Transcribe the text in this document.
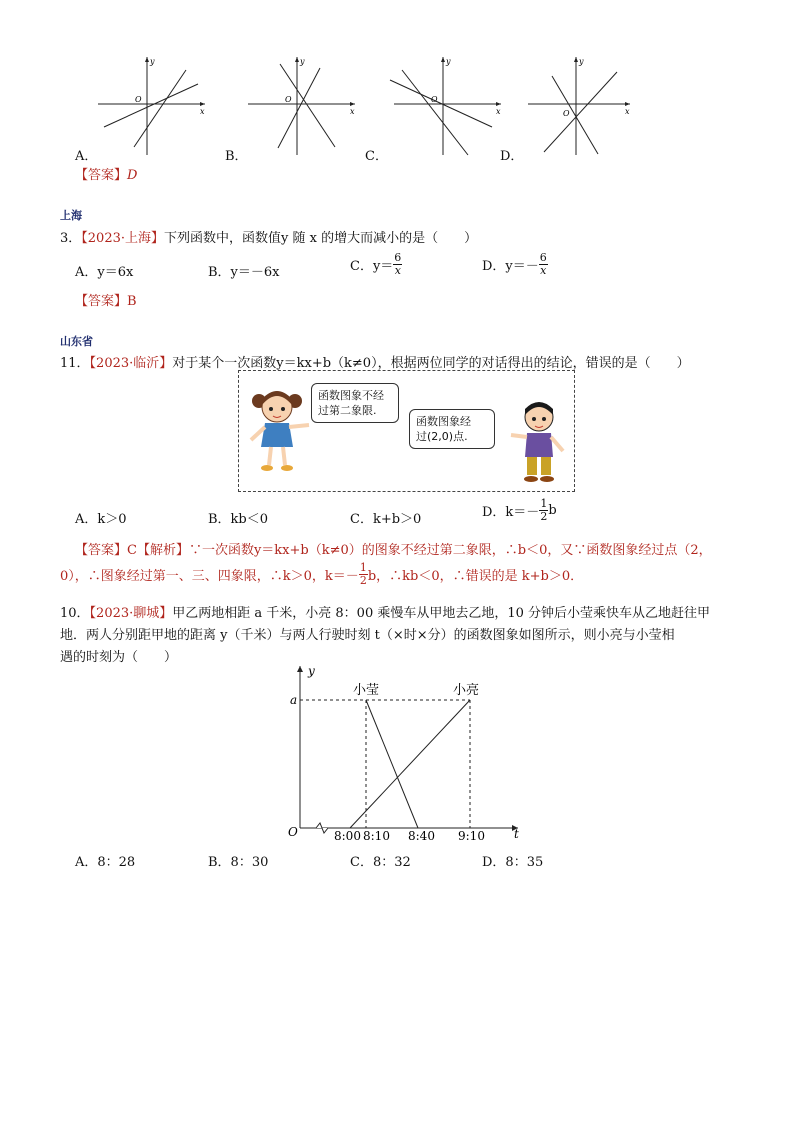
O
y
x
O
y
x
O
y
x	O
y
x
A．	B．	C．	D．
【答案】D
上海
3．【2023·上海】下列函数中，函数值y 随 x 的增大而减小的是（　　）
A．y＝6x	B．y＝－6x	C．$y= \frac{6}{x}$	D．$y=- \frac{6}{x}$
【答案】B
山东省
11．【2023·临沂】对于某个一次函数y＝kx+b（k≠0），根据两位同学的对话得出的结论，错误的是（　　）
函数图象不经
过第二象限.
函数图象经
过(2,0)点.
A．k＞0	B．kb＜0	C．k+b＞0	D．$k=- \frac{1}{2}$ b
【答案】C【解析】∵一次函数y＝kx+b（k≠0）的图象不经过第二象限，∴b＜0，又∵函数图象经过点（2，
0），∴图象经过第一、三、四象限，∴k＞0，$k=- \frac{1}{2}$ b，∴kb＜0，∴错误的是 k+b＞0．
10．【2023·聊城】甲乙两地相距 a 千米，小亮 8：00 乘慢车从甲地去乙地，10 分钟后小莹乘快车从乙地赶往甲
地．两人分别距甲地的距离 y（千米）与两人行驶时刻 t（×时×分）的函数图象如图所示，则小亮与小莹相
遇的时刻为（　　）
y
t
a
O
小莹	小亮
8:00 8:10 8:40 9:10
A．8：28	B．8：30	C．8：32	D．8：35
